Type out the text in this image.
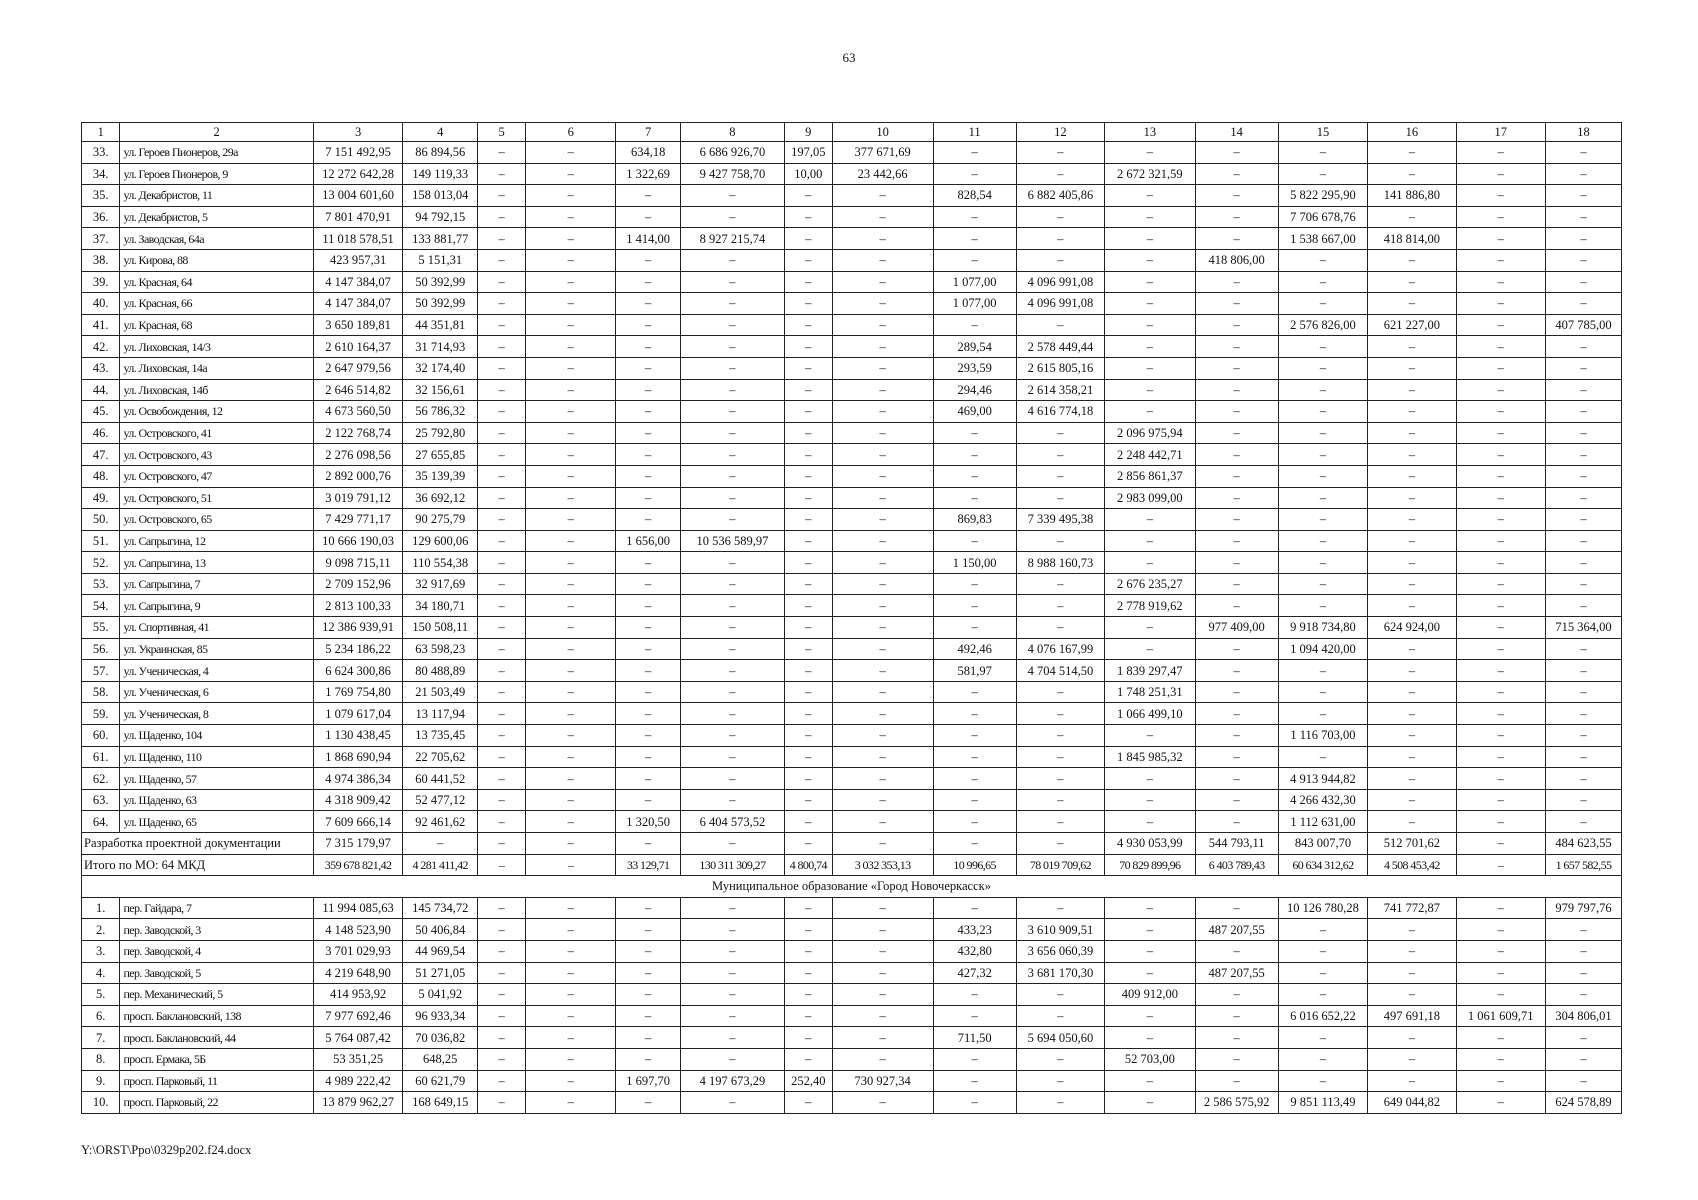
63
1	2	3	4	5	6	7	8	9	10	11	12	13	14	15	16	17	18
33.	ул. Героев Пионеров, 29а	7 151 492,95	86 894,56	–	–	634,18	6 686 926,70	197,05	377 671,69	–	–	–	–	–	–	–	–
34.	ул. Героев Пионеров, 9	12 272 642,28	149 119,33	–	–	1 322,69	9 427 758,70	10,00	23 442,66	–	–	2 672 321,59	–	–	–	–	–
35.	ул. Декабристов, 11	13 004 601,60	158 013,04	–	–	–	–	–	–	828,54	6 882 405,86	–	–	5 822 295,90	141 886,80	–	–
36.	ул. Декабристов, 5	7 801 470,91	94 792,15	–	–	–	–	–	–	–	–	–	–	7 706 678,76	–	–	–
37.	ул. Заводская, 64а	11 018 578,51	133 881,77	–	–	1 414,00	8 927 215,74	–	–	–	–	–	–	1 538 667,00	418 814,00	–	–
38.	ул. Кирова, 88	423 957,31	5 151,31	–	–	–	–	–	–	–	–	–	418 806,00	–	–	–	–
39.	ул. Красная, 64	4 147 384,07	50 392,99	–	–	–	–	–	–	1 077,00	4 096 991,08	–	–	–	–	–	–
40.	ул. Красная, 66	4 147 384,07	50 392,99	–	–	–	–	–	–	1 077,00	4 096 991,08	–	–	–	–	–	–
41.	ул. Красная, 68	3 650 189,81	44 351,81	–	–	–	–	–	–	–	–	–	–	2 576 826,00	621 227,00	–	407 785,00
42.	ул. Лиховская, 14/3	2 610 164,37	31 714,93	–	–	–	–	–	–	289,54	2 578 449,44	–	–	–	–	–	–
43.	ул. Лиховская, 14а	2 647 979,56	32 174,40	–	–	–	–	–	–	293,59	2 615 805,16	–	–	–	–	–	–
44.	ул. Лиховская, 14б	2 646 514,82	32 156,61	–	–	–	–	–	–	294,46	2 614 358,21	–	–	–	–	–	–
45.	ул. Освобождения, 12	4 673 560,50	56 786,32	–	–	–	–	–	–	469,00	4 616 774,18	–	–	–	–	–	–
46.	ул. Островского, 41	2 122 768,74	25 792,80	–	–	–	–	–	–	–	–	2 096 975,94	–	–	–	–	–
47.	ул. Островского, 43	2 276 098,56	27 655,85	–	–	–	–	–	–	–	–	2 248 442,71	–	–	–	–	–
48.	ул. Островского, 47	2 892 000,76	35 139,39	–	–	–	–	–	–	–	–	2 856 861,37	–	–	–	–	–
49.	ул. Островского, 51	3 019 791,12	36 692,12	–	–	–	–	–	–	–	–	2 983 099,00	–	–	–	–	–
50.	ул. Островского, 65	7 429 771,17	90 275,79	–	–	–	–	–	–	869,83	7 339 495,38	–	–	–	–	–	–
51.	ул. Сапрыгина, 12	10 666 190,03	129 600,06	–	–	1 656,00	10 536 589,97	–	–	–	–	–	–	–	–	–	–
52.	ул. Сапрыгина, 13	9 098 715,11	110 554,38	–	–	–	–	–	–	1 150,00	8 988 160,73	–	–	–	–	–	–
53.	ул. Сапрыгина, 7	2 709 152,96	32 917,69	–	–	–	–	–	–	–	–	2 676 235,27	–	–	–	–	–
54.	ул. Сапрыгина, 9	2 813 100,33	34 180,71	–	–	–	–	–	–	–	–	2 778 919,62	–	–	–	–	–
55.	ул. Спортивная, 41	12 386 939,91	150 508,11	–	–	–	–	–	–	–	–	–	977 409,00	9 918 734,80	624 924,00	–	715 364,00
56.	ул. Украинская, 85	5 234 186,22	63 598,23	–	–	–	–	–	–	492,46	4 076 167,99	–	–	1 094 420,00	–	–	–
57.	ул. Ученическая, 4	6 624 300,86	80 488,89	–	–	–	–	–	–	581,97	4 704 514,50	1 839 297,47	–	–	–	–	–
58.	ул. Ученическая, 6	1 769 754,80	21 503,49	–	–	–	–	–	–	–	–	1 748 251,31	–	–	–	–	–
59.	ул. Ученическая, 8	1 079 617,04	13 117,94	–	–	–	–	–	–	–	–	1 066 499,10	–	–	–	–	–
60.	ул. Щаденко, 104	1 130 438,45	13 735,45	–	–	–	–	–	–	–	–	–	–	1 116 703,00	–	–	–
61.	ул. Щаденко, 110	1 868 690,94	22 705,62	–	–	–	–	–	–	–	–	1 845 985,32	–	–	–	–	–
62.	ул. Щаденко, 57	4 974 386,34	60 441,52	–	–	–	–	–	–	–	–	–	–	4 913 944,82	–	–	–
63.	ул. Щаденко, 63	4 318 909,42	52 477,12	–	–	–	–	–	–	–	–	–	–	4 266 432,30	–	–	–
64.	ул. Щаденко, 65	7 609 666,14	92 461,62	–	–	1 320,50	6 404 573,52	–	–	–	–	–	–	1 112 631,00	–	–	–
Разработка проектной документации		7 315 179,97	–	–	–	–	–	–	–	–	–	4 930 053,99	544 793,11	843 007,70	512 701,62	–	484 623,55
Итого по МО: 64 МКД		359 678 821,42	4 281 411,42	–	–	33 129,71	130 311 309,27	4 800,74	3 032 353,13	10 996,65	78 019 709,62	70 829 899,96	6 403 789,43	60 634 312,62	4 508 453,42	–	1 657 582,55
Муниципальное образование «Город Новочеркасск»																	
1.	пер. Гайдара, 7	11 994 085,63	145 734,72	–	–	–	–	–	–	–	–	–	–	10 126 780,28	741 772,87	–	979 797,76
2.	пер. Заводской, 3	4 148 523,90	50 406,84	–	–	–	–	–	–	433,23	3 610 909,51	–	487 207,55	–	–	–	–
3.	пер. Заводской, 4	3 701 029,93	44 969,54	–	–	–	–	–	–	432,80	3 656 060,39	–	–	–	–	–	–
4.	пер. Заводской, 5	4 219 648,90	51 271,05	–	–	–	–	–	–	427,32	3 681 170,30	–	487 207,55	–	–	–	–
5.	пер. Механический, 5	414 953,92	5 041,92	–	–	–	–	–	–	–	–	409 912,00	–	–	–	–	–
6.	просп. Баклановский, 138	7 977 692,46	96 933,34	–	–	–	–	–	–	–	–	–	–	6 016 652,22	497 691,18	1 061 609,71	304 806,01
7.	просп. Баклановский, 44	5 764 087,42	70 036,82	–	–	–	–	–	–	711,50	5 694 050,60	–	–	–	–	–	–
8.	просп. Ермака, 5Б	53 351,25	648,25	–	–	–	–	–	–	–	–	52 703,00	–	–	–	–	–
9.	просп. Парковый, 11	4 989 222,42	60 621,79	–	–	1 697,70	4 197 673,29	252,40	730 927,34	–	–	–	–	–	–	–	–
10.	просп. Парковый, 22	13 879 962,27	168 649,15	–	–	–	–	–	–	–	–	–	2 586 575,92	9 851 113,49	649 044,82	–	624 578,89
Y:\ORST\Ppo\0329p202.f24.docx
